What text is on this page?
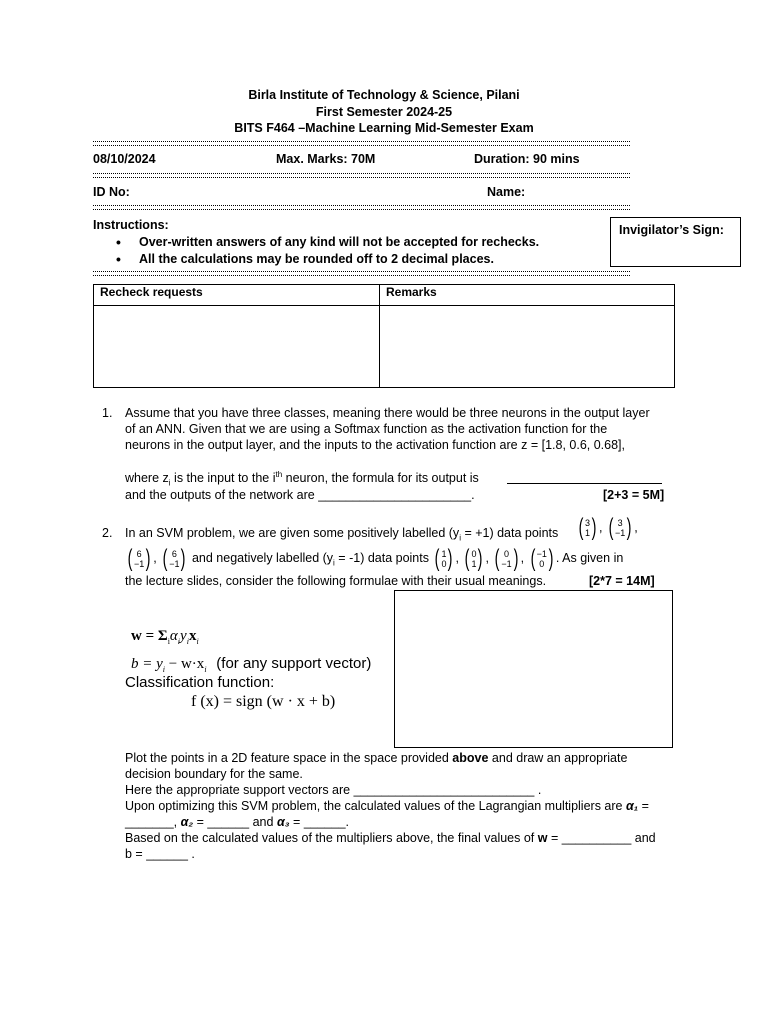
Birla Institute of Technology & Science, Pilani
First Semester 2024-25
BITS F464 –Machine Learning Mid-Semester Exam
08/10/2024	Max. Marks: 70M	Duration: 90 mins
ID No:	Name:
Instructions:
• Over-written answers of any kind will not be accepted for rechecks.
• All the calculations may be rounded off to 2 decimal places.
Invigilator’s Sign:
Recheck requests	Remarks

1. Assume that you have three classes, meaning there would be three neurons in the output layer
of an ANN. Given that we are using a Softmax function as the activation function for the
neurons in the output layer, and the inputs to the activation function are z = [1.8, 0.6, 0.68],
where $z_i$ is the input to the $i^{th}$ neuron, the formula for its output is
and the outputs of the network are ______________________.	[2+3 = 5M]
2. In an SVM problem, we are given some positively labelled $(y_i = +1)$ data points ( 3
1 ) , ( 3
−1 ) ,
( 6
−1 ) , ( 6
−1 ) and negatively labelled $(y_i = -1)$ data points ( 1
0 ) , ( 0
1 ) , ( 0
−1 ) , ( −1
0 ) . As given in
the lecture slides, consider the following formulae with their usual meanings.	[2*7 = 14M]
$w = \Sigma_i\alpha_iy_ix_i$
$b = y_i - w\cdot x_i$ (for any support vector)
Classification function:
f (x) = sign (w · x + b)
Plot the points in a 2D feature space in the space provided above and draw an appropriate
decision boundary for the same.
Here the appropriate support vectors are __________________________ .
Upon optimizing this SVM problem, the calculated values of the Lagrangian multipliers are α₁ =
_______, α₂ = ______ and α₃ = ______.
Based on the calculated values of the multipliers above, the final values of w = __________ and
b = ______ .
